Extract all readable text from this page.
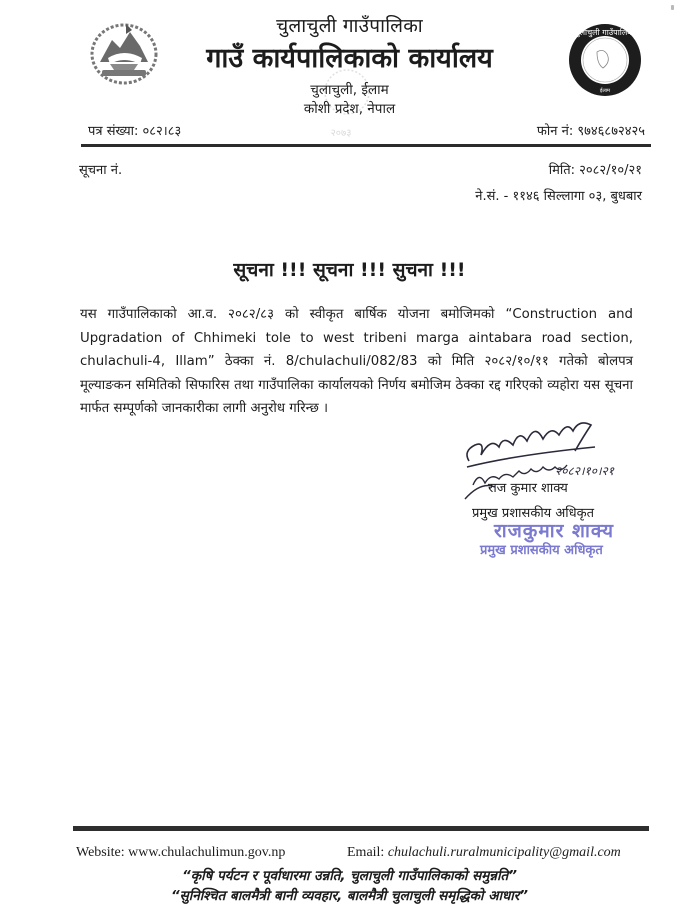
चुलाचुली गाउँपालिका
ईलाम
२०७३
चुलाचुली गाउँपालिका
गाउँ कार्यपालिकाको कार्यालय
चुलाचुली, ईलाम
कोशी प्रदेश, नेपाल
पत्र संख्या: ०८२।८३	फोन नं: ९७४६८७२४२५
सूचना नं.	मिति: २०८२/१०/२१
ने.सं. - ११४६ सिल्लागा ०३, बुधबार
सूचना !!! सूचना !!! सुचना !!!

यस गाउँपालिकाको आ.व. २०८२/८३ को स्वीकृत बार्षिक योजना बमोजिमको “Construction and Upgradation of Chhimeki tole to west tribeni marga aintabara road section, chulachuli-4, Illam” ठेक्का नं. 8/chulachuli/082/83 को मिति २०८२/१०/११ गतेको बोलपत्र मूल्याङकन समितिको सिफारिस तथा गाउँपालिका कार्यालयको निर्णय बमोजिम ठेक्का रद्द गरिएको व्यहोरा यस सूचना मार्फत सम्पूर्णको जानकारीका लागी अनुरोध गरिन्छ ।

२०८२।१०।२१
राज कुमार शाक्य
प्रमुख प्रशासकीय अधिकृत
राजकुमार शाक्य
प्रमुख प्रशासकीय अधिकृत
Website: www.chulachulimun.gov.np	Email: chulachuli.ruralmunicipality@gmail.com
“कृषि पर्यटन र पूर्वाधारमा उन्नति, चुलाचुली गाउँपालिकाको समुन्नति”
“सुनिश्चित बालमैत्री बानी व्यवहार, बालमैत्री चुलाचुली समृद्धिको आधार”
